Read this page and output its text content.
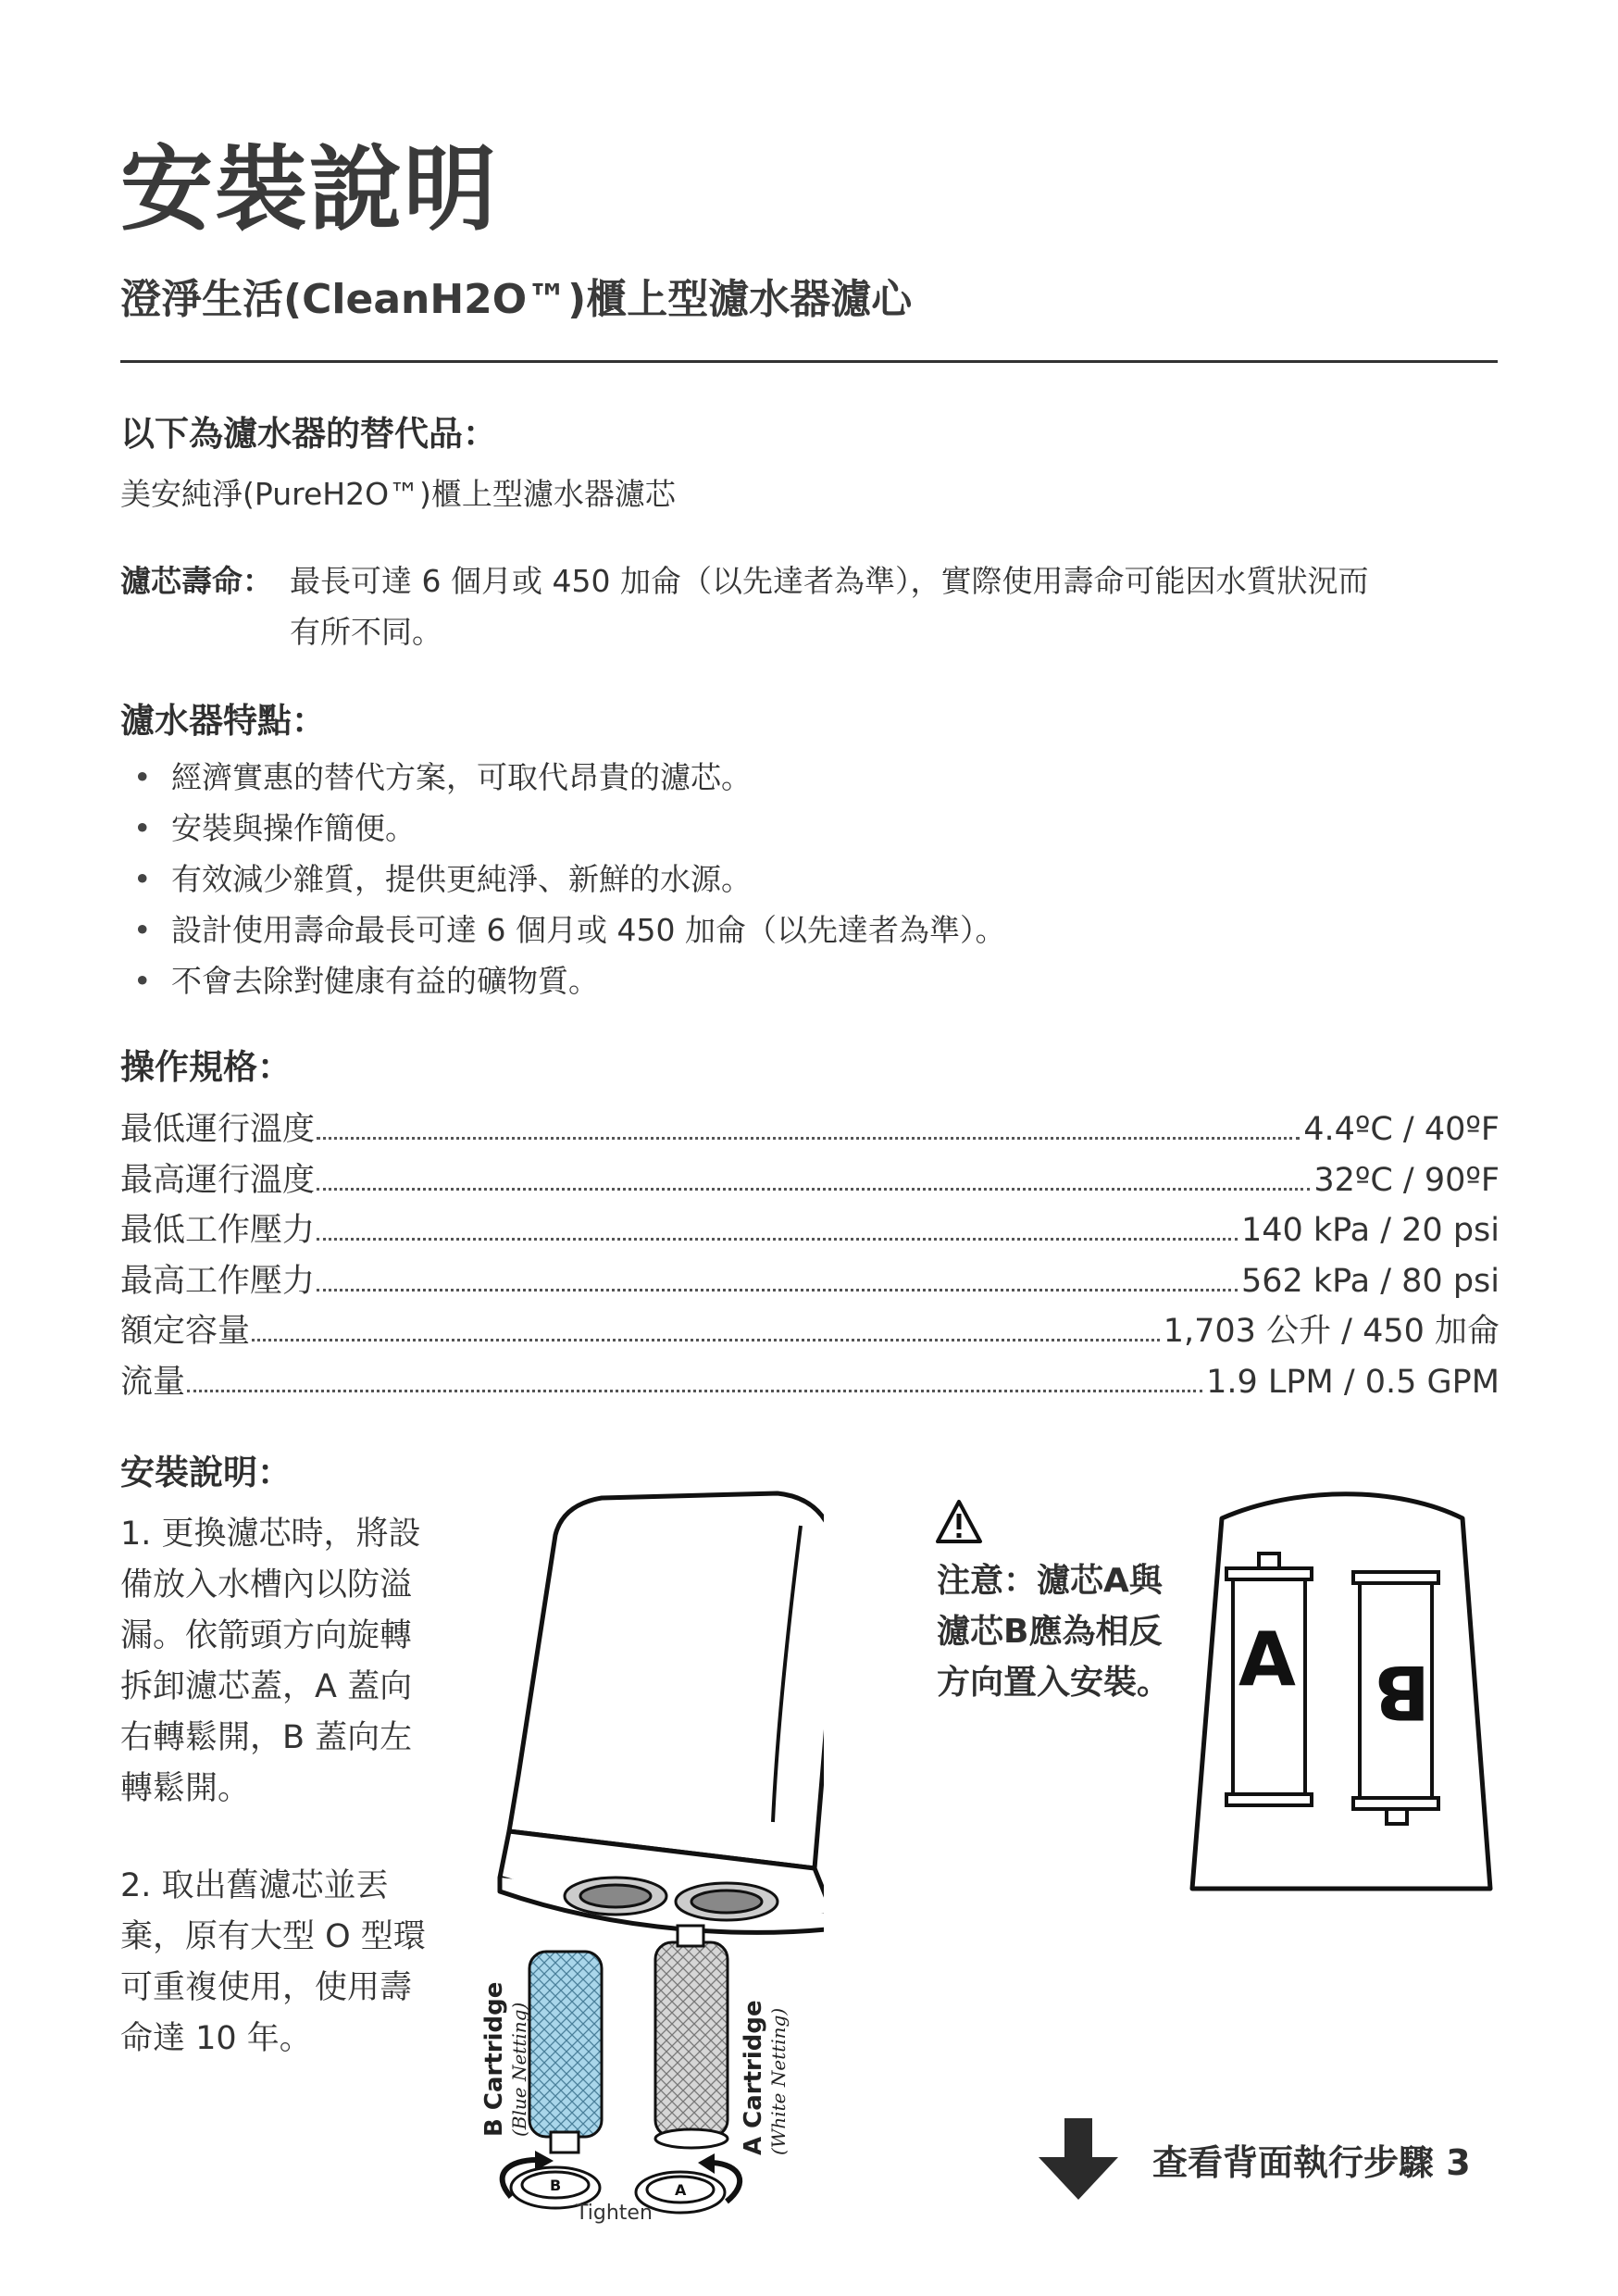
安裝說明
澄淨生活(CleanH2O™)櫃上型濾水器濾心
以下為濾水器的替代品：
美安純淨(PureH2O™)櫃上型濾水器濾芯
濾芯壽命： 最長可達 6 個月或 450 加侖（以先達者為準），實際使用壽命可能因水質狀況而
有所不同。
濾水器特點：
• 經濟實惠的替代方案，可取代昂貴的濾芯。
• 安裝與操作簡便。
• 有效減少雜質，提供更純淨、新鮮的水源。
• 設計使用壽命最長可達 6 個月或 450 加侖（以先達者為準）。
• 不會去除對健康有益的礦物質。
操作規格：
最低運行溫度	4.4ºC / 40ºF
最高運行溫度	32ºC / 90ºF
最低工作壓力	140 kPa / 20 psi
最高工作壓力	562 kPa / 80 psi
額定容量	1,703 公升 / 450 加侖
流量	1.9 LPM / 0.5 GPM
安裝說明：
1. 更換濾芯時，將設
備放入水槽內以防溢
漏。依箭頭方向旋轉
拆卸濾芯蓋，A 蓋向
右轉鬆開，B 蓋向左
轉鬆開。
2. 取出舊濾芯並丟
棄，原有大型 O 型環
可重複使用，使用壽
命達 10 年。	B Cartridge (Blue Netting)	A Cartridge (White Netting)
B	A
Tighten
注意：濾芯A與
濾芯B應為相反
方向置入安裝。 A B
查看背面執行步驟 3
